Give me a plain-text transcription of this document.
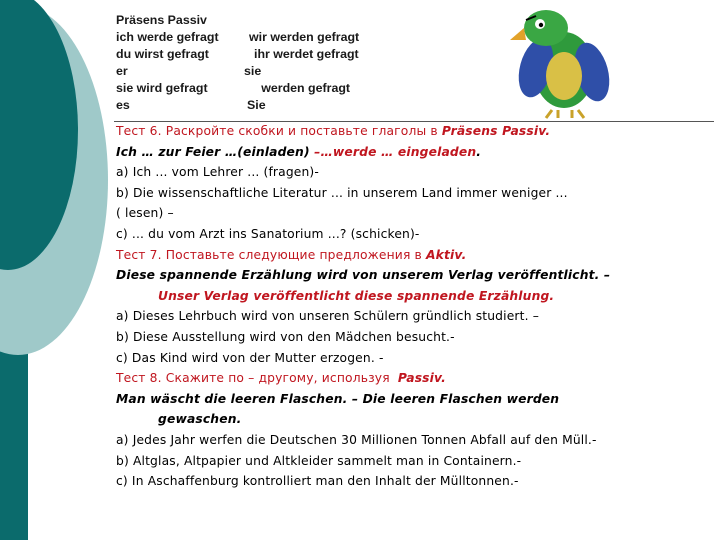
Präsens Passiv
ich werde gefragt wir werden gefragt
du wirst gefragt	ihr werdet gefragt
er	sie
sie wird gefragt	werden gefragt
es	Sie
Тест 6. Раскройте скобки и поставьте глаголы в Präsens Passiv.
Ich … zur Feier …(einladen) –…werde … eingeladen.
a) Ich ... vom Lehrer ... (fragen)-
b) Die wissenschaftliche Literatur ... in unserem Land immer weniger ...
( lesen) –
c) ... du vom Arzt ins Sanatorium ...? (schicken)-
Тест 7. Поставьте следующие предложения в Aktiv.
Diese spannende Erzählung wird von unserem Verlag veröffentlicht. –
Unser Verlag veröffentlicht diese spannende Erzählung.
a) Dieses Lehrbuch wird von unseren Schülern gründlich studiert. –
b) Diese Ausstellung wird von den Mädchen besucht.-
c) Das Kind wird von der Mutter erzogen. -
Тест 8. Скажите по – другому, используя  Passiv.
Man wäscht die leeren Flaschen. – Die leeren Flaschen werden
gewaschen.
a) Jedes Jahr werfen die Deutschen 30 Millionen Tonnen Abfall auf den Müll.-
b) Altglas, Altpapier und Altkleider sammelt man in Containern.-
c) In Aschaffenburg kontrolliert man den Inhalt der Mülltonnen.-
